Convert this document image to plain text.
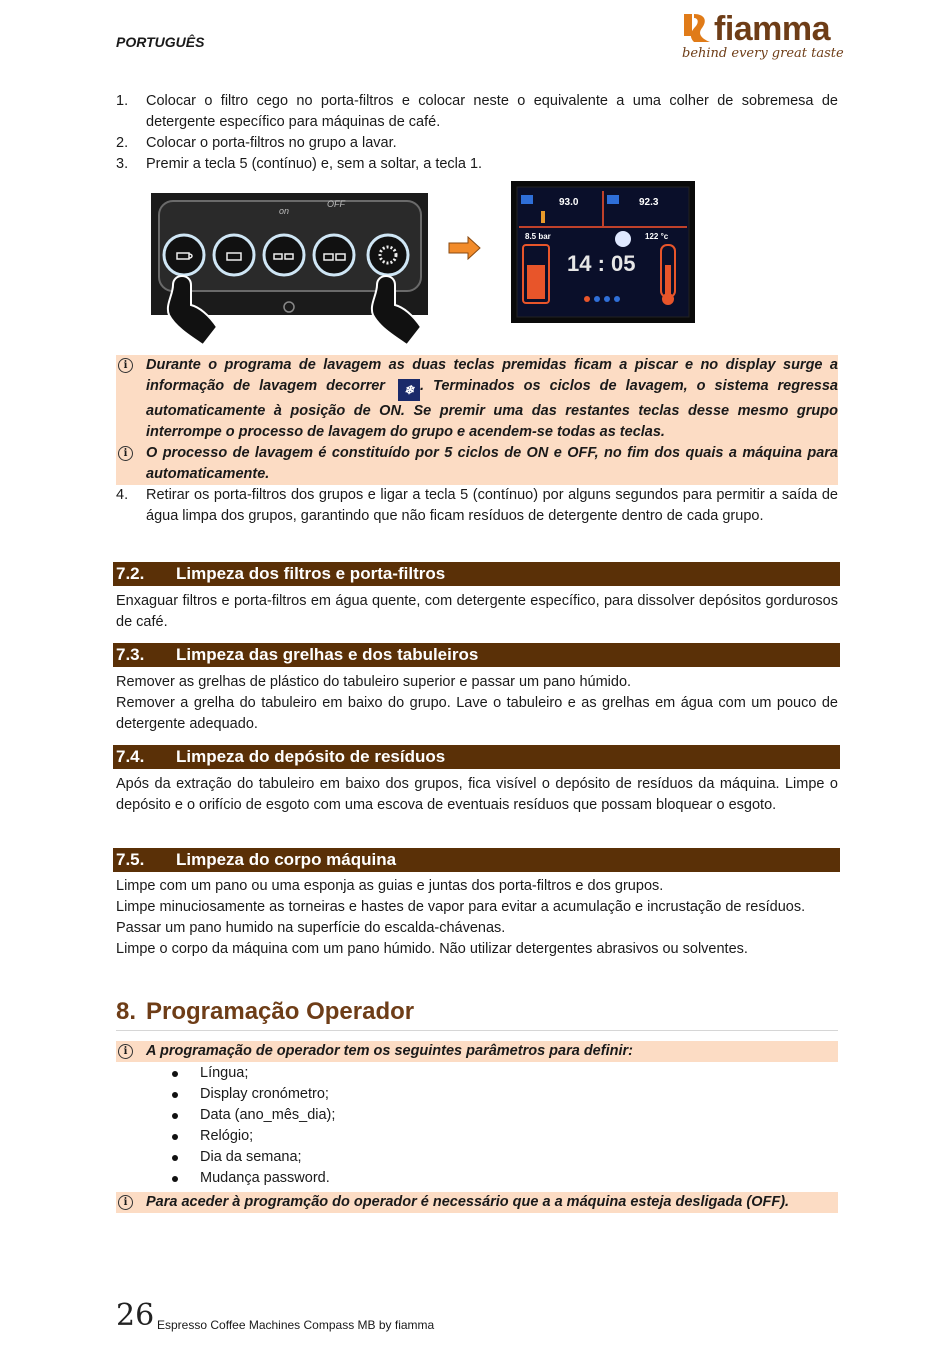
PORTUGUÊS	fiamma
behind every great taste
1. Colocar o filtro cego no porta-filtros e colocar neste o equivalente a uma colher de sobremesa de detergente específico para máquinas de café.
2. Colocar o porta-filtros no grupo a lavar.
3. Premir a tecla 5 (contínuo) e, sem a soltar, a tecla 1.
OFF
on
93.0	92.3
8.5 bar	122 °c
14 : 05
i	Durante o programa de lavagem as duas teclas premidas ficam a piscar e no display surge a informação de lavagem decorrer ❄ . Terminados os ciclos de lavagem, o sistema regressa automaticamente à posição de ON. Se premir uma das restantes teclas desse mesmo grupo interrompe o processo de lavagem do grupo e acendem-se todas as teclas.
i	O processo de lavagem é constituído por 5 ciclos de ON e OFF, no fim dos quais a máquina para automaticamente.
4. Retirar os porta-filtros dos grupos e ligar a tecla 5 (contínuo) por alguns segundos para permitir a saída de água limpa dos grupos, garantindo que não ficam resíduos de detergente dentro de cada grupo.
7.2. Limpeza dos filtros e porta-filtros
Enxaguar filtros e porta-filtros em água quente, com detergente específico, para dissolver depósitos gordurosos de café.
7.3. Limpeza das grelhas e dos tabuleiros
Remover as grelhas de plástico do tabuleiro superior e passar um pano húmido.
Remover a grelha do tabuleiro em baixo do grupo. Lave o tabuleiro e as grelhas em água com um pouco de detergente adequado.
7.4. Limpeza do depósito de resíduos
Após da extração do tabuleiro em baixo dos grupos, fica visível o depósito de resíduos da máquina. Limpe o depósito e o orifício de esgoto com uma escova de eventuais resíduos que possam bloquear o esgoto.
7.5. Limpeza do corpo máquina
Limpe com um pano ou uma esponja as guias e juntas dos porta-filtros e dos grupos.
Limpe minuciosamente as torneiras e hastes de vapor para evitar a acumulação e incrustação de resíduos.
Passar um pano humido na superfície do escalda-chávenas.
Limpe o corpo da máquina com um pano húmido. Não utilizar detergentes abrasivos ou solventes.
8. Programação Operador
i	A programação de operador tem os seguintes parâmetros para definir:
Língua;
Display cronómetro;
Data (ano_mês_dia);
Relógio;
Dia da semana;
Mudança password.
i	Para aceder à programção do operador é necessário que a a máquina esteja desligada (OFF).
26 Espresso Coffee Machines Compass MB by fiamma
